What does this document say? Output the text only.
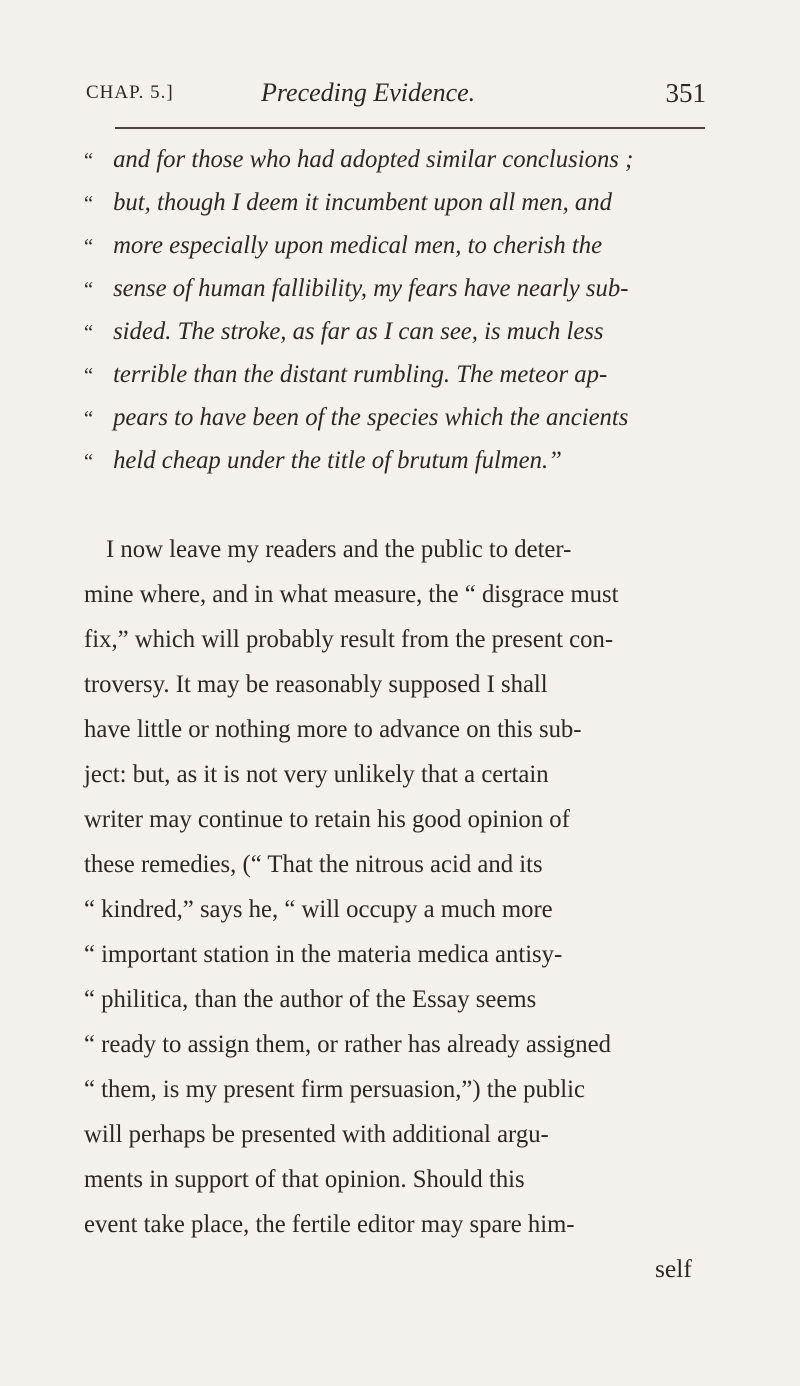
CHAP. 5.]	Preceding Evidence.	351
“ and for those who had adopted similar conclusions ;
“ but, though I deem it incumbent upon all men, and
“ more especially upon medical men, to cherish the
“ sense of human fallibility, my fears have nearly sub-
“ sided. The stroke, as far as I can see, is much less
“ terrible than the distant rumbling. The meteor ap-
“ pears to have been of the species which the ancients
“ held cheap under the title of brutum fulmen.”
I now leave my readers and the public to deter-
mine where, and in what measure, the “ disgrace must
fix,” which will probably result from the present con-
troversy. It may be reasonably supposed I shall
have little or nothing more to advance on this sub-
ject: but, as it is not very unlikely that a certain
writer may continue to retain his good opinion of
these remedies, (“ That the nitrous acid and its
“ kindred,” says he, “ will occupy a much more
“ important station in the materia medica antisy-
“ philitica, than the author of the Essay seems
“ ready to assign them, or rather has already assigned
“ them, is my present firm persuasion,”) the public
will perhaps be presented with additional argu-
ments in support of that opinion. Should this
event take place, the fertile editor may spare him-
self
